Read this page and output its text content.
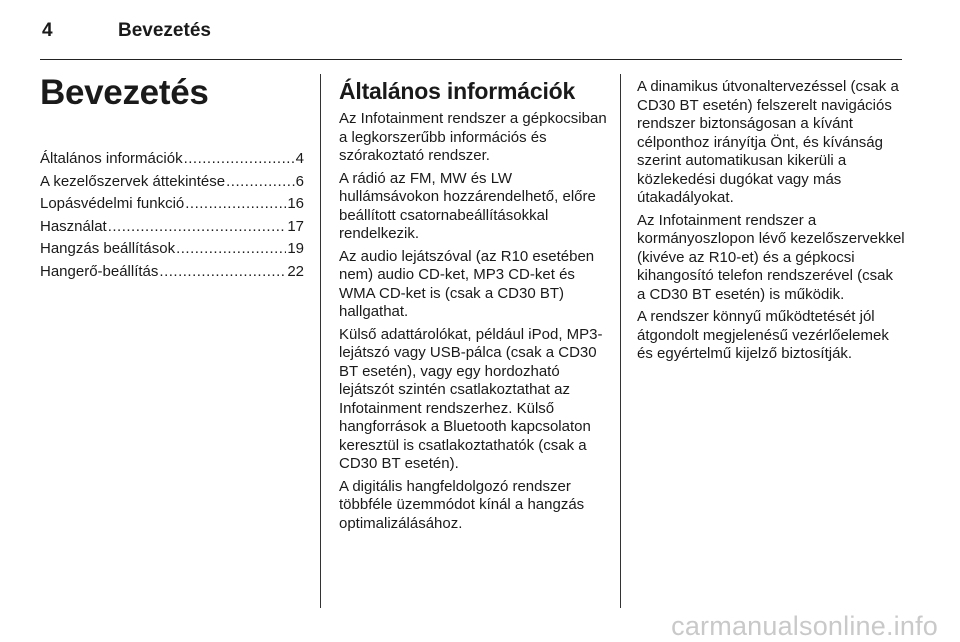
4	Bevezetés
Bevezetés
Általános információk .....	4
A kezelőszervek áttekintése .....	6
Lopásvédelmi funkció .....	16
Használat .....	17
Hangzás beállítások .....	19
Hangerő-beállítás .....	22
Általános információk

Az Infotainment rendszer a gépkocsiban a legkorszerűbb információs és szórakoztató rendszer.

A rádió az FM, MW és LW hullámsávokon hozzárendelhető, előre beállított csatornabeállításokkal rendelkezik.

Az audio lejátszóval (az R10 esetében nem) audio CD-ket, MP3 CD-ket és WMA CD-ket is (csak a CD30 BT) hallgathat.

Külső adattárolókat, például iPod, MP3-lejátszó vagy USB-pálca (csak a CD30 BT esetén), vagy egy hordozható lejátszót szintén csatlakoztathat az Infotainment rendszerhez. Külső hangforrások a Bluetooth kapcsolaton keresztül is csatlakoztathatók (csak a CD30 BT esetén).

A digitális hangfeldolgozó rendszer többféle üzemmódot kínál a hangzás optimalizálásához.

A dinamikus útvonaltervezéssel (csak a CD30 BT esetén) felszerelt navigációs rendszer biztonságosan a kívánt célponthoz irányítja Önt, és kívánság szerint automatikusan kikerüli a közlekedési dugókat vagy más útakadályokat.

Az Infotainment rendszer a kormányoszlopon lévő kezelőszervekkel (kivéve az R10-et) és a gépkocsi kihangosító telefon rendszerével (csak a CD30 BT esetén) is működik.

A rendszer könnyű működtetését jól átgondolt megjelenésű vezérlőelemek és egyértelmű kijelző biztosítják.

carmanualsonline.info
